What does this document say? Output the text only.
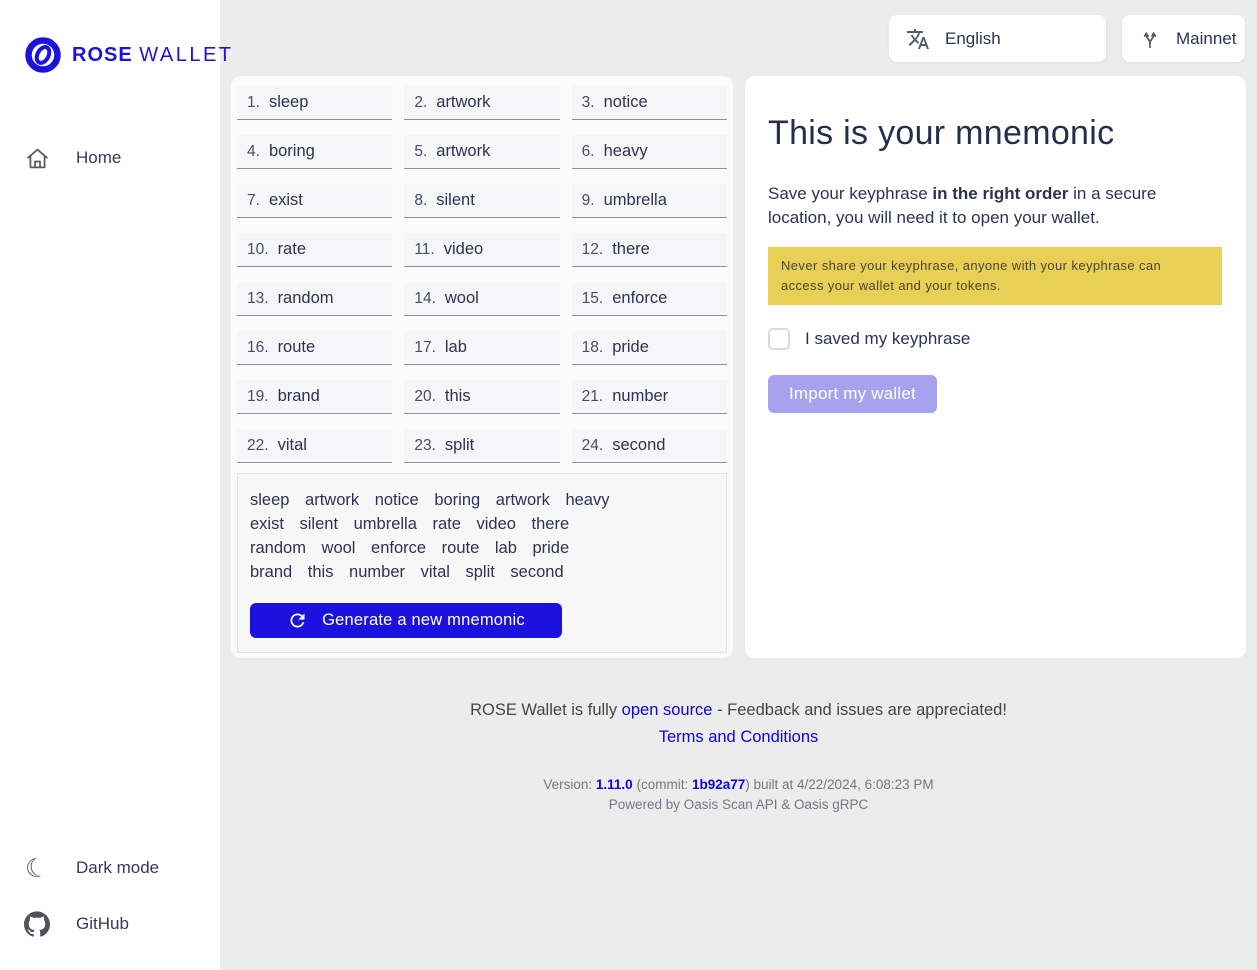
ROSE WALLET
Home
☾ Dark mode
GitHub
English	Mainnet
1. sleep	2. artwork	3. notice
4. boring	5. artwork	6. heavy
7. exist	8. silent	9. umbrella
10. rate	11. video	12. there
13. random	14. wool	15. enforce
16. route	17. lab	18. pride
19. brand	20. this	21. number
22. vital	23. split	24. second
sleep artwork notice boring artwork heavy
exist silent umbrella rate video there
random wool enforce route lab pride
brand this number vital split second
Generate a new mnemonic
This is your mnemonic

Save your keyphrase in the right order in a secure location, you will need it to open your wallet.

Never share your keyphrase, anyone with your keyphrase can access your wallet and your tokens.
I saved my keyphrase
Import my wallet
ROSE Wallet is fully open source - Feedback and issues are appreciated!
Terms and Conditions
Version: 1.11.0 (commit: 1b92a77) built at 4/22/2024, 6:08:23 PM
Powered by Oasis Scan API & Oasis gRPC
